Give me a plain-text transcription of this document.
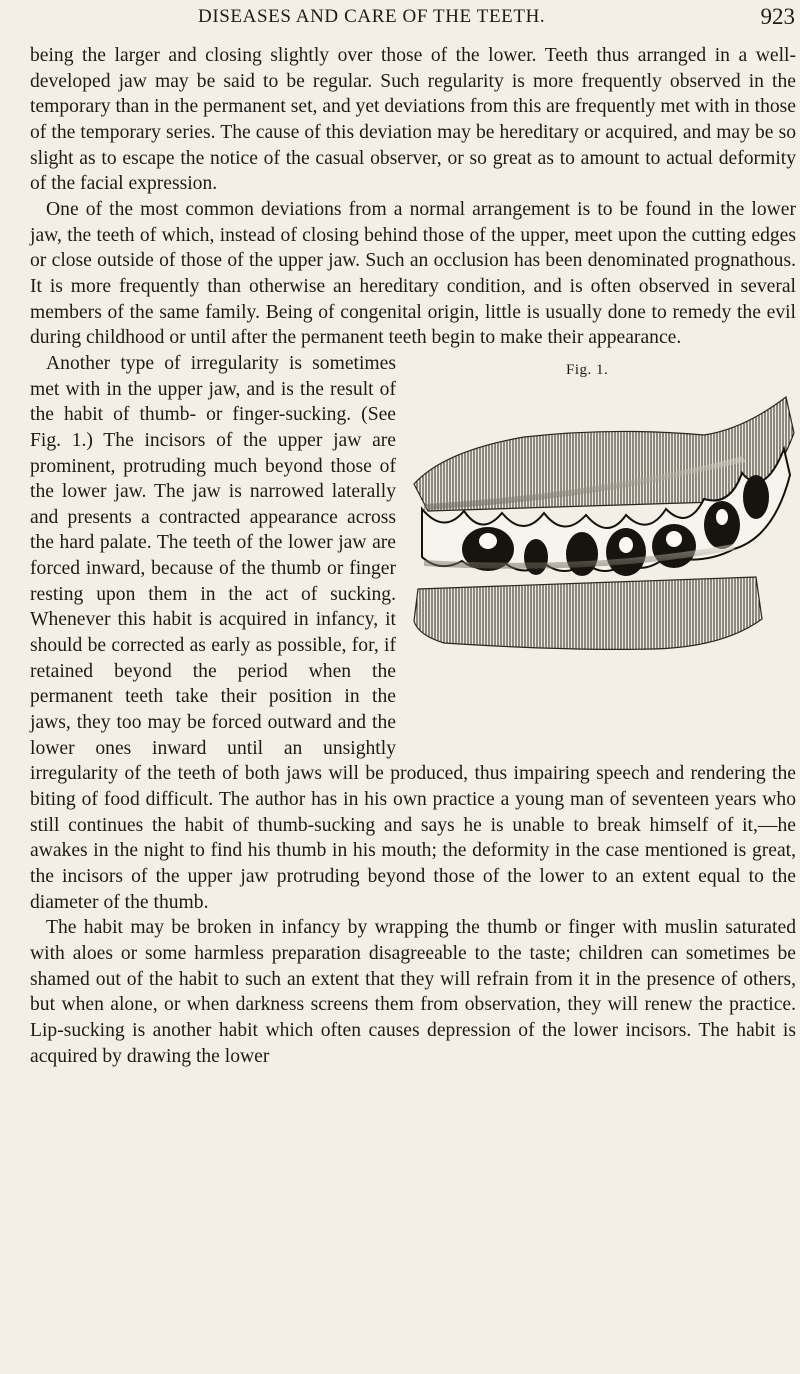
DISEASES AND CARE OF THE TEETH.	923

being the larger and closing slightly over those of the lower. Teeth thus arranged in a well-developed jaw may be said to be regular. Such regularity is more frequently observed in the temporary than in the permanent set, and yet deviations from this are frequently met with in those of the temporary series. The cause of this deviation may be hereditary or acquired, and may be so slight as to escape the notice of the casual observer, or so great as to amount to actual deformity of the facial expression.

One of the most common deviations from a normal arrangement is to be found in the lower jaw, the teeth of which, instead of closing behind those of the upper, meet upon the cutting edges or close outside of those of the upper jaw. Such an occlusion has been denominated prognathous. It is more frequently than otherwise an hereditary condition, and is often observed in several members of the same family. Being of congenital origin, little is usually done to remedy the evil during childhood or until after the permanent teeth begin to make their appearance.

Fig. 1.
Another type of irregularity is sometimes met with in the upper jaw, and is the result of the habit of thumb- or finger-sucking. (See Fig. 1.) The incisors of the upper jaw are prominent, protruding much beyond those of the lower jaw. The jaw is narrowed laterally and presents a contracted appearance across the hard palate. The teeth of the lower jaw are forced inward, because of the thumb or finger resting upon them in the act of sucking. Whenever this habit is acquired in infancy, it should be corrected as early as possible, for, if retained beyond the period when the permanent teeth take their position in the jaws, they too may be forced outward and the lower ones inward until an unsightly irregularity of the teeth of both jaws will be produced, thus impairing speech and rendering the biting of food difficult. The author has in his own practice a young man of seventeen years who still continues the habit of thumb-sucking and says he is unable to break himself of it,—he awakes in the night to find his thumb in his mouth; the deformity in the case mentioned is great, the incisors of the upper jaw protruding beyond those of the lower to an extent equal to the diameter of the thumb.

The habit may be broken in infancy by wrapping the thumb or finger with muslin saturated with aloes or some harmless preparation disagreeable to the taste; children can sometimes be shamed out of the habit to such an extent that they will refrain from it in the presence of others, but when alone, or when darkness screens them from observation, they will renew the practice. Lip-sucking is another habit which often causes depression of the lower incisors. The habit is acquired by drawing the lower
